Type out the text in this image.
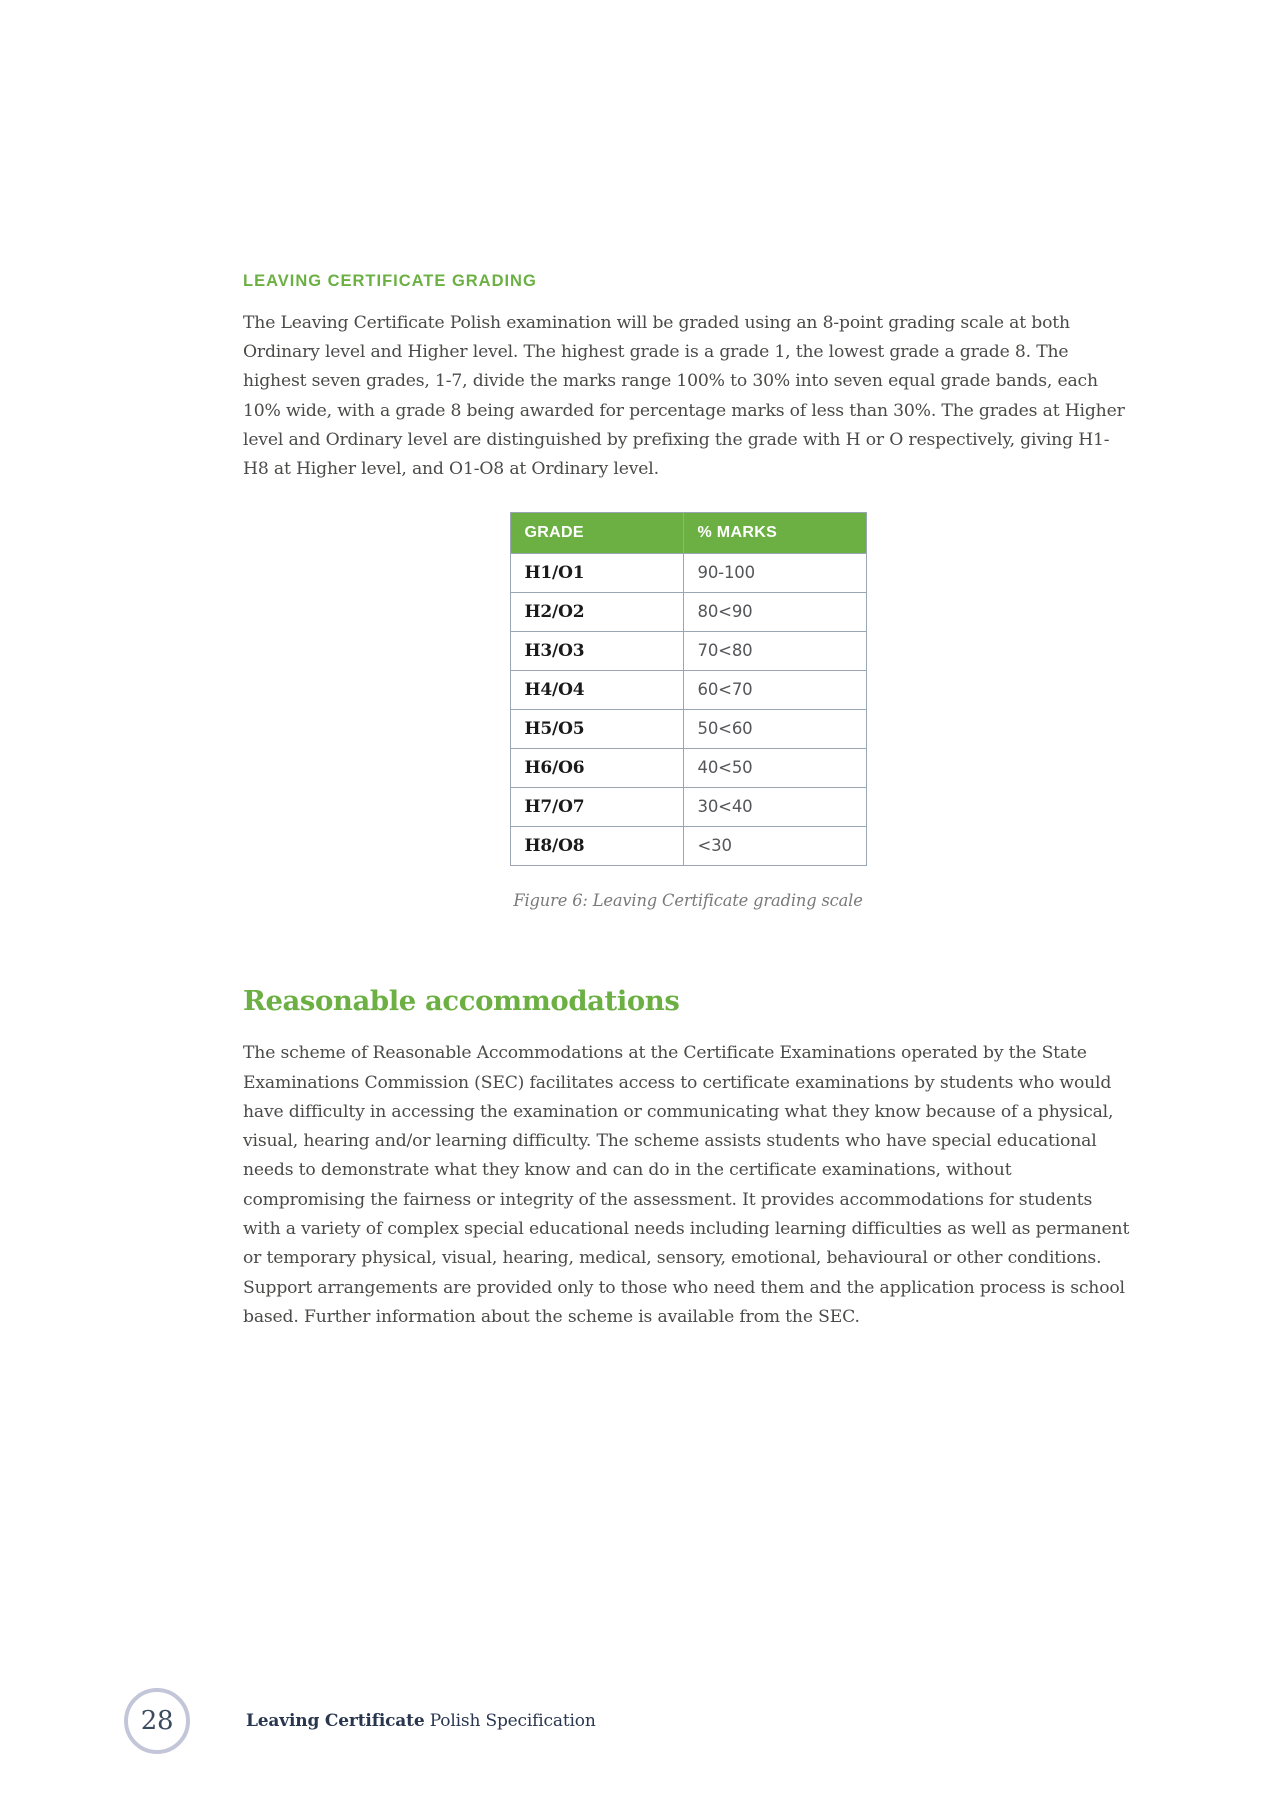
LEAVING CERTIFICATE GRADING

The Leaving Certificate Polish examination will be graded using an 8-point grading scale at both Ordinary level and Higher level. The highest grade is a grade 1, the lowest grade a grade 8. The highest seven grades, 1-7, divide the marks range 100% to 30% into seven equal grade bands, each 10% wide, with a grade 8 being awarded for percentage marks of less than 30%. The grades at Higher level and Ordinary level are distinguished by prefixing the grade with H or O respectively, giving H1-H8 at Higher level, and O1-O8 at Ordinary level.

GRADE	% MARKS
H1/O1	90-100
H2/O2	80<90
H3/O3	70<80
H4/O4	60<70
H5/O5	50<60
H6/O6	40<50
H7/O7	30<40
H8/O8	<30
Figure 6: Leaving Certificate grading scale
Reasonable accommodations

The scheme of Reasonable Accommodations at the Certificate Examinations operated by the State Examinations Commission (SEC) facilitates access to certificate examinations by students who would have difficulty in accessing the examination or communicating what they know because of a physical, visual, hearing and/or learning difficulty. The scheme assists students who have special educational needs to demonstrate what they know and can do in the certificate examinations, without compromising the fairness or integrity of the assessment. It provides accommodations for students with a variety of complex special educational needs including learning difficulties as well as permanent or temporary physical, visual, hearing, medical, sensory, emotional, behavioural or other conditions. Support arrangements are provided only to those who need them and the application process is school based. Further information about the scheme is available from the SEC.

28	Leaving Certificate Polish Specification
